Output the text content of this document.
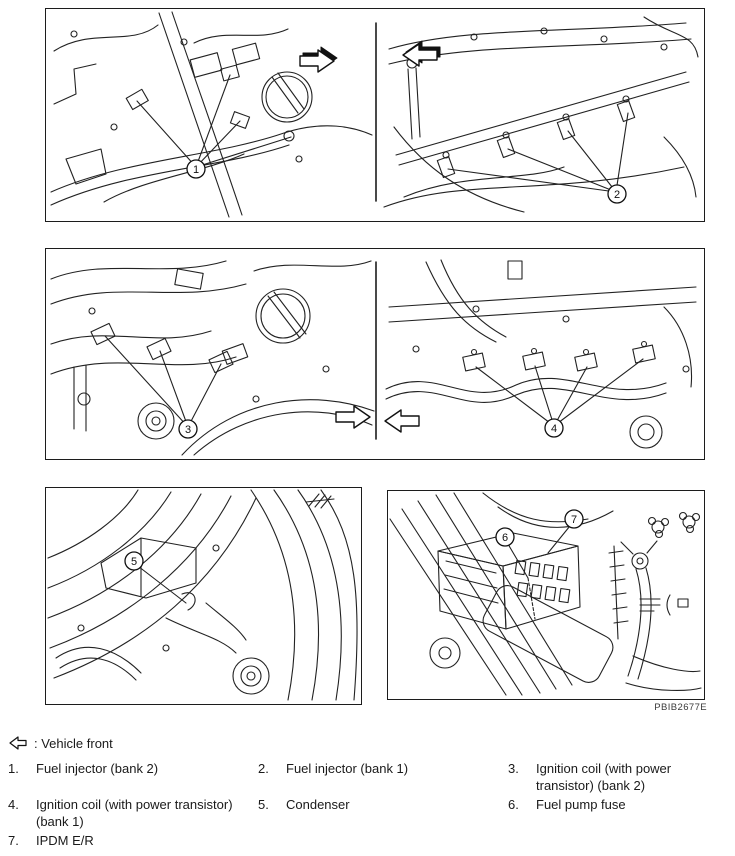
1
2
3	4
5
6
7
PBIB2677E
: Vehicle front
1.	Fuel injector (bank 2)	2.	Fuel injector (bank 1)	3.	Ignition coil (with power transistor) (bank 2)
4.	Ignition coil (with power transistor) (bank 1)
5.	Condenser	6.	Fuel pump fuse
7.	IPDM E/R
